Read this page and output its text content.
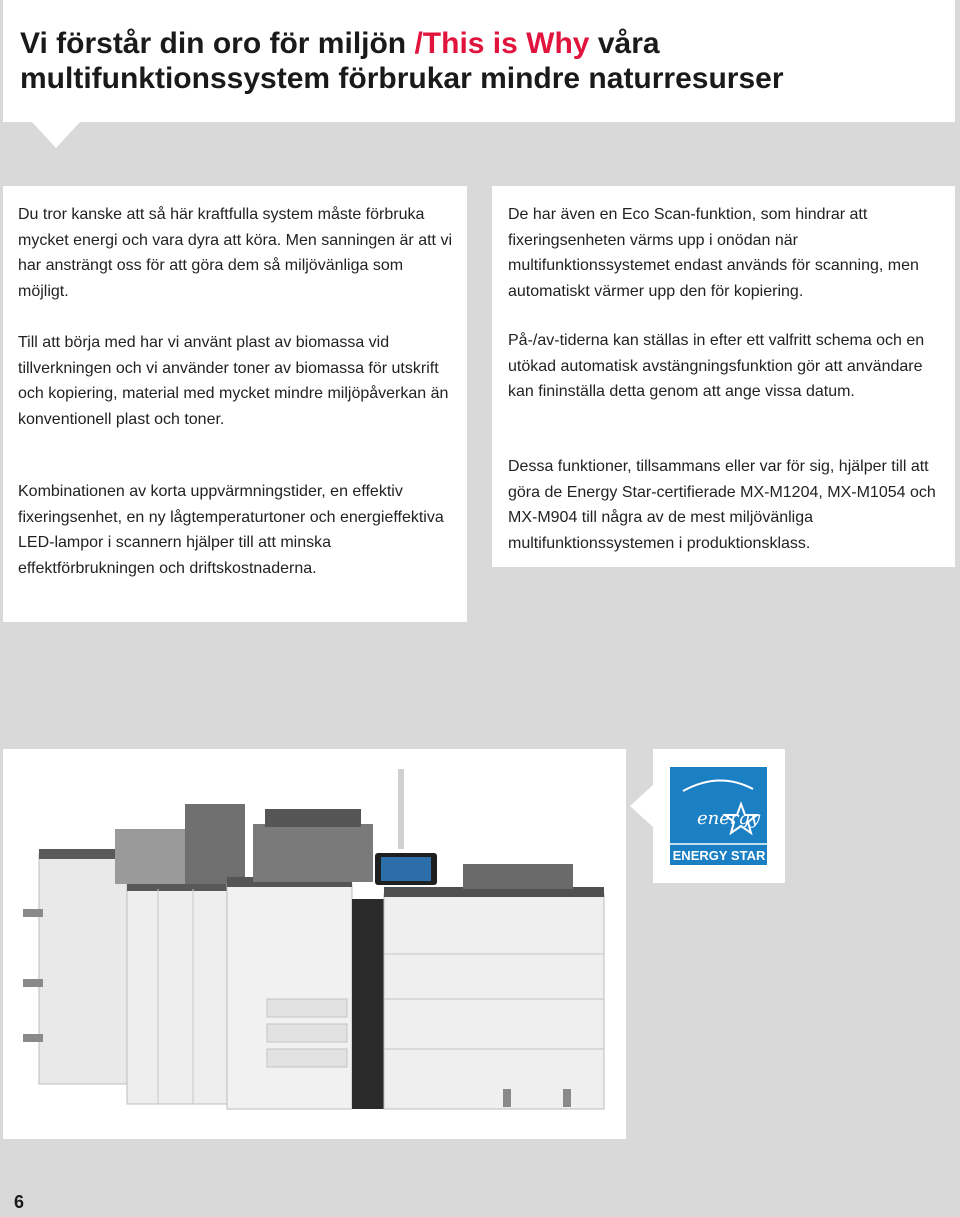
Vi förstår din oro för miljön /This is Why våra multifunktionssystem förbrukar mindre naturresurser

Du tror kanske att så här kraftfulla system måste förbruka mycket energi och vara dyra att köra. Men sanningen är att vi har ansträngt oss för att göra dem så miljövänliga som möjligt.

Till att börja med har vi använt plast av biomassa vid tillverkningen och vi använder toner av biomassa för utskrift och kopiering, material med mycket mindre miljöpåverkan än konventionell plast och toner.

Kombinationen av korta uppvärmningstider, en effektiv fixeringsenhet, en ny lågtemperaturtoner och energieffektiva LED-lampor i scannern hjälper till att minska effektförbrukningen och driftskostnaderna.

De har även en Eco Scan-funktion, som hindrar att fixeringsenheten värms upp i onödan när multifunktionssystemet endast används för scanning, men automatiskt värmer upp den för kopiering.

På-/av-tiderna kan ställas in efter ett valfritt schema och en utökad automatisk avstängningsfunktion gör att användare kan fininställa detta genom att ange vissa datum.

Dessa funktioner, tillsammans eller var för sig, hjälper till att göra de Energy Star-certifierade MX-M1204, MX-M1054 och MX-M904 till några av de mest miljövänliga multifunktionssystemen i produktionsklass.

energy
ENERGY STAR

6
